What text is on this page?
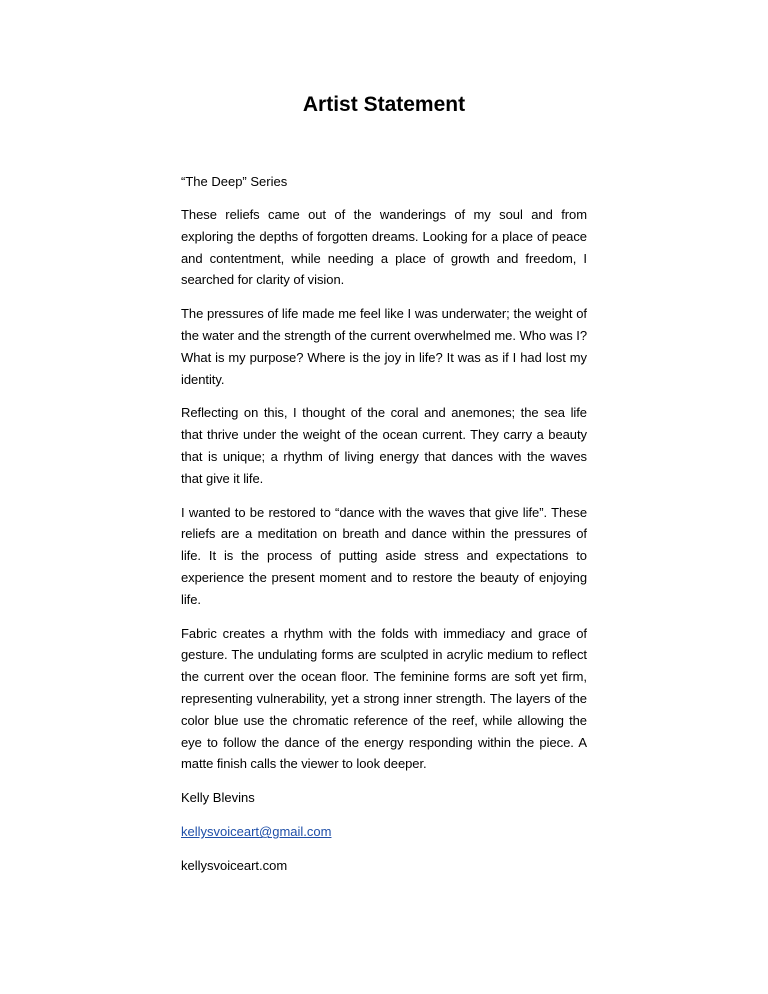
Artist Statement
“The Deep” Series

These reliefs came out of the wanderings of my soul and from exploring the depths of forgotten dreams. Looking for a place of peace and contentment, while needing a place of growth and freedom, I searched for clarity of vision.

The pressures of life made me feel like I was underwater; the weight of the water and the strength of the current overwhelmed me. Who was I? What is my purpose? Where is the joy in life? It was as if I had lost my identity.

Reflecting on this, I thought of the coral and anemones; the sea life that thrive under the weight of the ocean current. They carry a beauty that is unique; a rhythm of living energy that dances with the waves that give it life.

I wanted to be restored to “dance with the waves that give life”. These reliefs are a meditation on breath and dance within the pressures of life. It is the process of putting aside stress and expectations to experience the present moment and to restore the beauty of enjoying life.

Fabric creates a rhythm with the folds with immediacy and grace of gesture. The undulating forms are sculpted in acrylic medium to reflect the current over the ocean floor. The feminine forms are soft yet firm, representing vulnerability, yet a strong inner strength. The layers of the color blue use the chromatic reference of the reef, while allowing the eye to follow the dance of the energy responding within the piece. A matte finish calls the viewer to look deeper.

Kelly Blevins
kellysvoiceart@gmail.com
kellysvoiceart.com
